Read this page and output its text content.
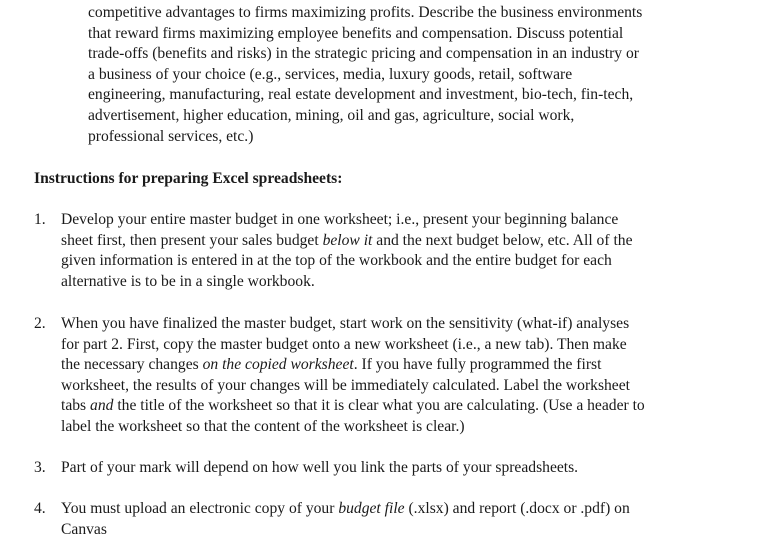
competitive advantages to firms maximizing profits. Describe the business environments
that reward firms maximizing employee benefits and compensation. Discuss potential
trade-offs (benefits and risks) in the strategic pricing and compensation in an industry or
a business of your choice (e.g., services, media, luxury goods, retail, software
engineering, manufacturing, real estate development and investment, bio-tech, fin-tech,
advertisement, higher education, mining, oil and gas, agriculture, social work,
professional services, etc.)
Instructions for preparing Excel spreadsheets:
1. Develop your entire master budget in one worksheet; i.e., present your beginning balance
sheet first, then present your sales budget below it and the next budget below, etc. All of the
given information is entered in at the top of the workbook and the entire budget for each
alternative is to be in a single workbook.
2. When you have finalized the master budget, start work on the sensitivity (what-if) analyses
for part 2. First, copy the master budget onto a new worksheet (i.e., a new tab). Then make
the necessary changes on the copied worksheet. If you have fully programmed the first
worksheet, the results of your changes will be immediately calculated. Label the worksheet
tabs and the title of the worksheet so that it is clear what you are calculating. (Use a header to
label the worksheet so that the content of the worksheet is clear.)
3. Part of your mark will depend on how well you link the parts of your spreadsheets.
4. You must upload an electronic copy of your budget file (.xlsx) and report (.docx or .pdf) on
Canvas
